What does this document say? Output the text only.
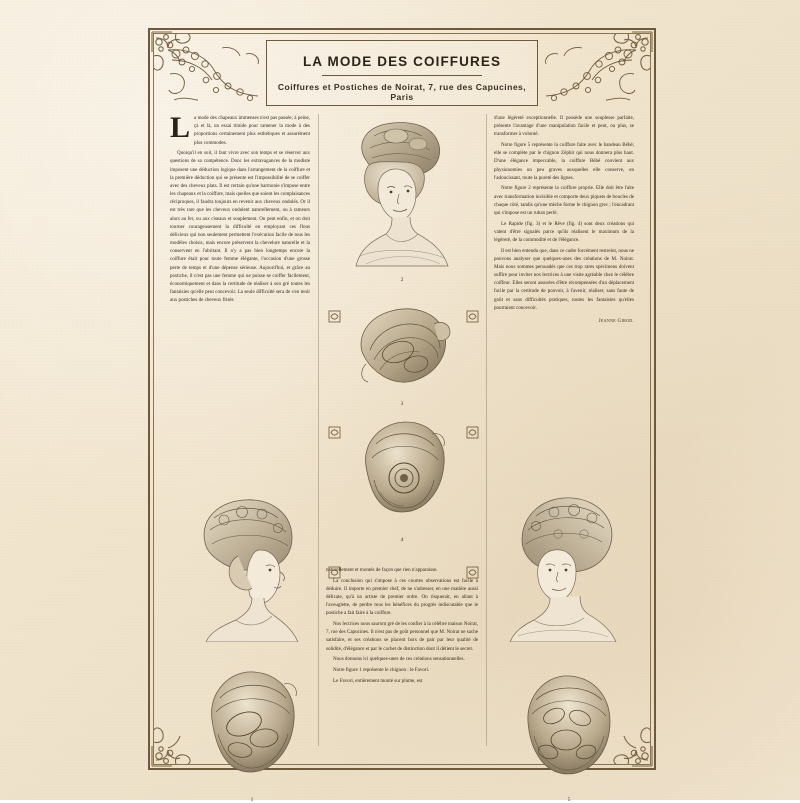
LA MODE DES COIFFURES
Coiffures et Postiches de Noirat, 7, rue des Capucines, Paris

La mode des chapeaux immenses n'est pas passée; à peine, çà et là, un essai timide pour ramener la mode à des proportions certainement plus esthétiques et assurément plus commodes.

Quoiqu'il en soit, il faut vivre avec son temps et se réserver aux questions de sa compétence. Donc les extravagances de la modiste imposent une déduction logique dans l'arrangement de la coiffure et la première déduction qui se présente est l'impossibilité de se coiffer avec des cheveux plats. Il est certain qu'une harmonie s'impose entre les chapeaux et la coiffure, mais quelles que soient les complaisances réciproques, il faudra toujours en revenir aux cheveux ondulés. Or il est très rare que les cheveux ondulent naturellement, ou à rameurs alors au fer, ou aux ciseaux et souplement. On peut enfin, et on doit tourner courageusement la difficulté en employant ces flous délicieux qui non seulement permettent l'exécution facile de tous les modèles choisis, mais encore préservent la chevelure naturelle et la conservent en l'abritant. Il n'y a pas bien longtemps encore la coiffure était pour toute femme élégante, l'occasion d'une grosse perte de temps et d'une dépense sérieuse. Aujourd'hui, et grâce au postiche, il n'est pas une femme qui ne puisse se coiffer facilement, économiquement et dans la certitude de réaliser à son gré toutes les fantaisies qu'elle peut concevoir. La seule difficulté sera de s'en tenir aux postiches de cheveux frisés

naturellement et montés de façon que rien n'apparaisse.

La conclusion qui s'impose à ces courtes observations est facile à déduire. Il importe en premier chef, de ne s'adresser, en une matière aussi délicate, qu'à un artiste de premier ordre. On risquerait, en allant à l'aveuglette, de perdre tous les bénéfices du progrès indiscutable que le postiche a fait faire à la coiffure.

Nos lectrices nous sauront gré de les confier à la célèbre maison Noirat, 7, rue des Capucines. Il n'est pas de goût personnel que M. Noirat ne sache satisfaire, et ses créations se placent hors de pair par leur qualité de solidité, d'élégance et par le cachet de distinction dont il détient le secret.

Nous donnons ici quelques-unes de ces créations sensationnelles.

Notre figure 1 représente le chignon : le Favori.

Le Favori, entièrement monté sur plume, est

d'une légèreté exceptionnelle. Il possède une souplesse parfaite, présente l'avantage d'une manipulation facile et peut, ou plus, se transformer à volonté.

Notre figure 5 représente la coiffure faite avec le bandeau Bébé; elle se complète par le chignon Zéphir qui nous donnera plus haut. D'une élégance impeccable, la coiffure Bébé convient aux physionomies un peu graves auxquelles elle conserve, en l'adoucissant, toute la pureté des lignes.

Notre figure 2 représente la coiffure proprie. Elle doit être faite avec transformation invisible et comporte deux piquets de boucles de chaque côté, tandis qu'une mèche forme le chignon grec ; l'encadrant qui s'impose est un ruban perlé.

Le Rapide (fig. 3) et le Rêve (fig. 4) sont deux créations qui valent d'être signalés parce qu'ils réalisent le maximum de la légèreté, de la commodité et de l'élégance.

Il est bien entendu que, dans ce cadre forcément restreint, nous ne pouvons analyser que quelques-unes des créations de M. Noirat. Mais nous sommes persuadés que ces trop rares spécimens doivent suffire pour inviter nos lectrices à une visite agréable chez le célèbre coiffeur. Elles seront assurées d'être récompensées d'un déplacement facile par la certitude de pouvoir, à l'avenir, réaliser, sans faute de goût et sans difficultés pratiques, toutes les fantaisies qu'elles pourraient concevoir.

Jeanne Girod.

2
3
4
1	5
